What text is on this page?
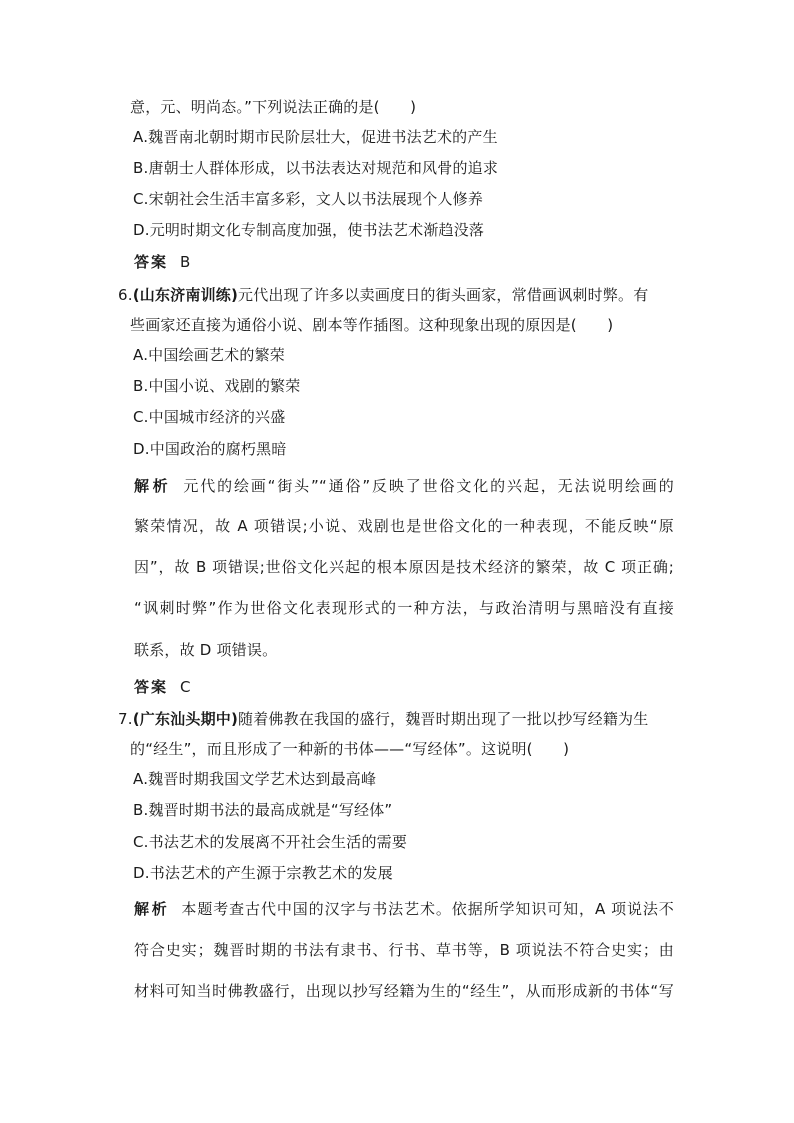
意，元、明尚态。”下列说法正确的是(　　)
A.魏晋南北朝时期市民阶层壮大，促进书法艺术的产生
B.唐朝士人群体形成，以书法表达对规范和风骨的追求
C.宋朝社会生活丰富多彩，文人以书法展现个人修养
D.元明时期文化专制高度加强，使书法艺术渐趋没落
答案 B
6.(山东济南训练)元代出现了许多以卖画度日的街头画家，常借画讽刺时弊。有
些画家还直接为通俗小说、剧本等作插图。这种现象出现的原因是(　　)
A.中国绘画艺术的繁荣
B.中国小说、戏剧的繁荣
C.中国城市经济的兴盛
D.中国政治的腐朽黑暗
解析 元代的绘画“街头”“通俗”反映了世俗文化的兴起，无法说明绘画的
繁荣情况，故 A 项错误;小说、戏剧也是世俗文化的一种表现，不能反映“原
因”，故 B 项错误;世俗文化兴起的根本原因是技术经济的繁荣，故 C 项正确;
“讽刺时弊”作为世俗文化表现形式的一种方法，与政治清明与黑暗没有直接
联系，故 D 项错误。
答案 C
7.(广东汕头期中)随着佛教在我国的盛行，魏晋时期出现了一批以抄写经籍为生
的“经生”，而且形成了一种新的书体——“写经体”。这说明(　　)
A.魏晋时期我国文学艺术达到最高峰
B.魏晋时期书法的最高成就是“写经体”
C.书法艺术的发展离不开社会生活的需要
D.书法艺术的产生源于宗教艺术的发展
解析 本题考查古代中国的汉字与书法艺术。依据所学知识可知，A 项说法不
符合史实；魏晋时期的书法有隶书、行书、草书等，B 项说法不符合史实；由
材料可知当时佛教盛行，出现以抄写经籍为生的“经生”，从而形成新的书体“写
